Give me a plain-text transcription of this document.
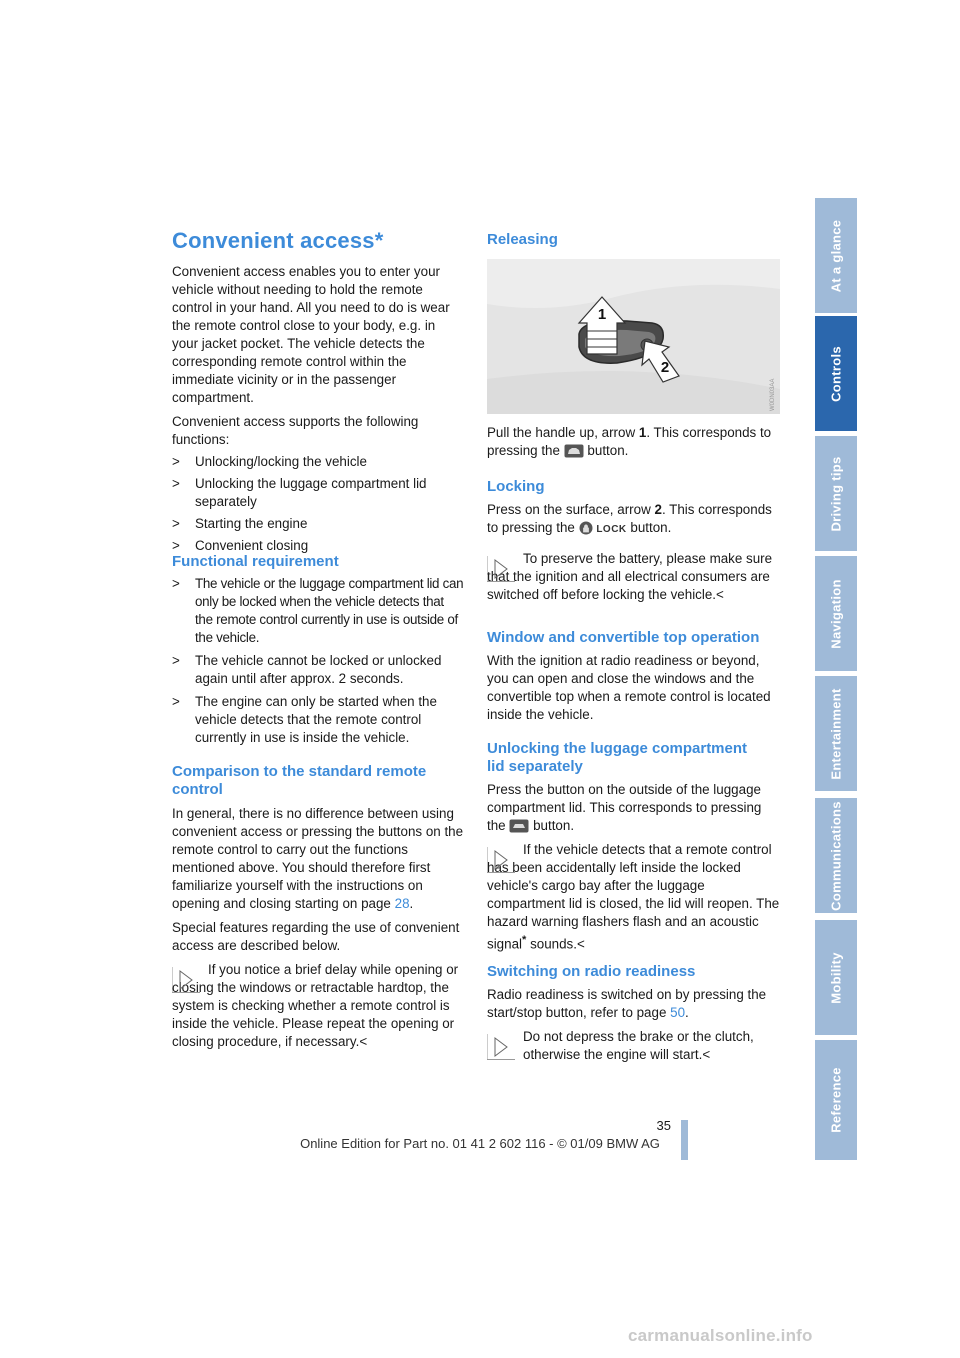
Convenient access*

Convenient access enables you to enter your vehicle without needing to hold the remote control in your hand. All you need to do is wear the remote control close to your body, e.g. in your jacket pocket. The vehicle detects the corresponding remote control within the immediate vicinity or in the passenger compartment.

Convenient access supports the following functions:

> Unlocking/locking the vehicle
> Unlocking the luggage compartment lid separately
> Starting the engine
> Convenient closing
Functional requirement
> The vehicle or the luggage compartment lid can only be locked when the vehicle detects that the remote control currently in use is outside of the vehicle.
> The vehicle cannot be locked or unlocked again until after approx. 2 seconds.
> The engine can only be started when the vehicle detects that the remote control currently in use is inside the vehicle.
Comparison to the standard remote
control

In general, there is no difference between using convenient access or pressing the buttons on the remote control to carry out the functions mentioned above. You should therefore first familiarize yourself with the instructions on opening and closing starting on page 28.

Special features regarding the use of convenient access are described below.

If you notice a brief delay while opening or closing the windows or retractable hardtop, the system is checking whether a remote control is inside the vehicle. Please repeat the opening or closing procedure, if necessary.<
Releasing
1
2
W0DN03AA

Pull the handle up, arrow 1. This corresponds to pressing the button.

Locking

Press on the surface, arrow 2. This corresponds to pressing the LOCK button.

To preserve the battery, please make sure that the ignition and all electrical consumers are switched off before locking the vehicle.<
Window and convertible top operation

With the ignition at radio readiness or beyond, you can open and close the windows and the convertible top when a remote control is located inside the vehicle.

Unlocking the luggage compartment
lid separately

Press the button on the outside of the luggage compartment lid. This corresponds to pressing the button.

If the vehicle detects that a remote control has been accidentally left inside the locked vehicle's cargo bay after the luggage compartment lid is closed, the lid will reopen. The hazard warning flashers flash and an acoustic signal* sounds.<
Switching on radio readiness

Radio readiness is switched on by pressing the start/stop button, refer to page 50.

Do not depress the brake or the clutch, otherwise the engine will start.<
At a glance
Controls
Driving tips
Navigation
Entertainment
Communications
Mobility
Reference
35
Online Edition for Part no. 01 41 2 602 116 - © 01/09 BMW AG
carmanualsonline.info
